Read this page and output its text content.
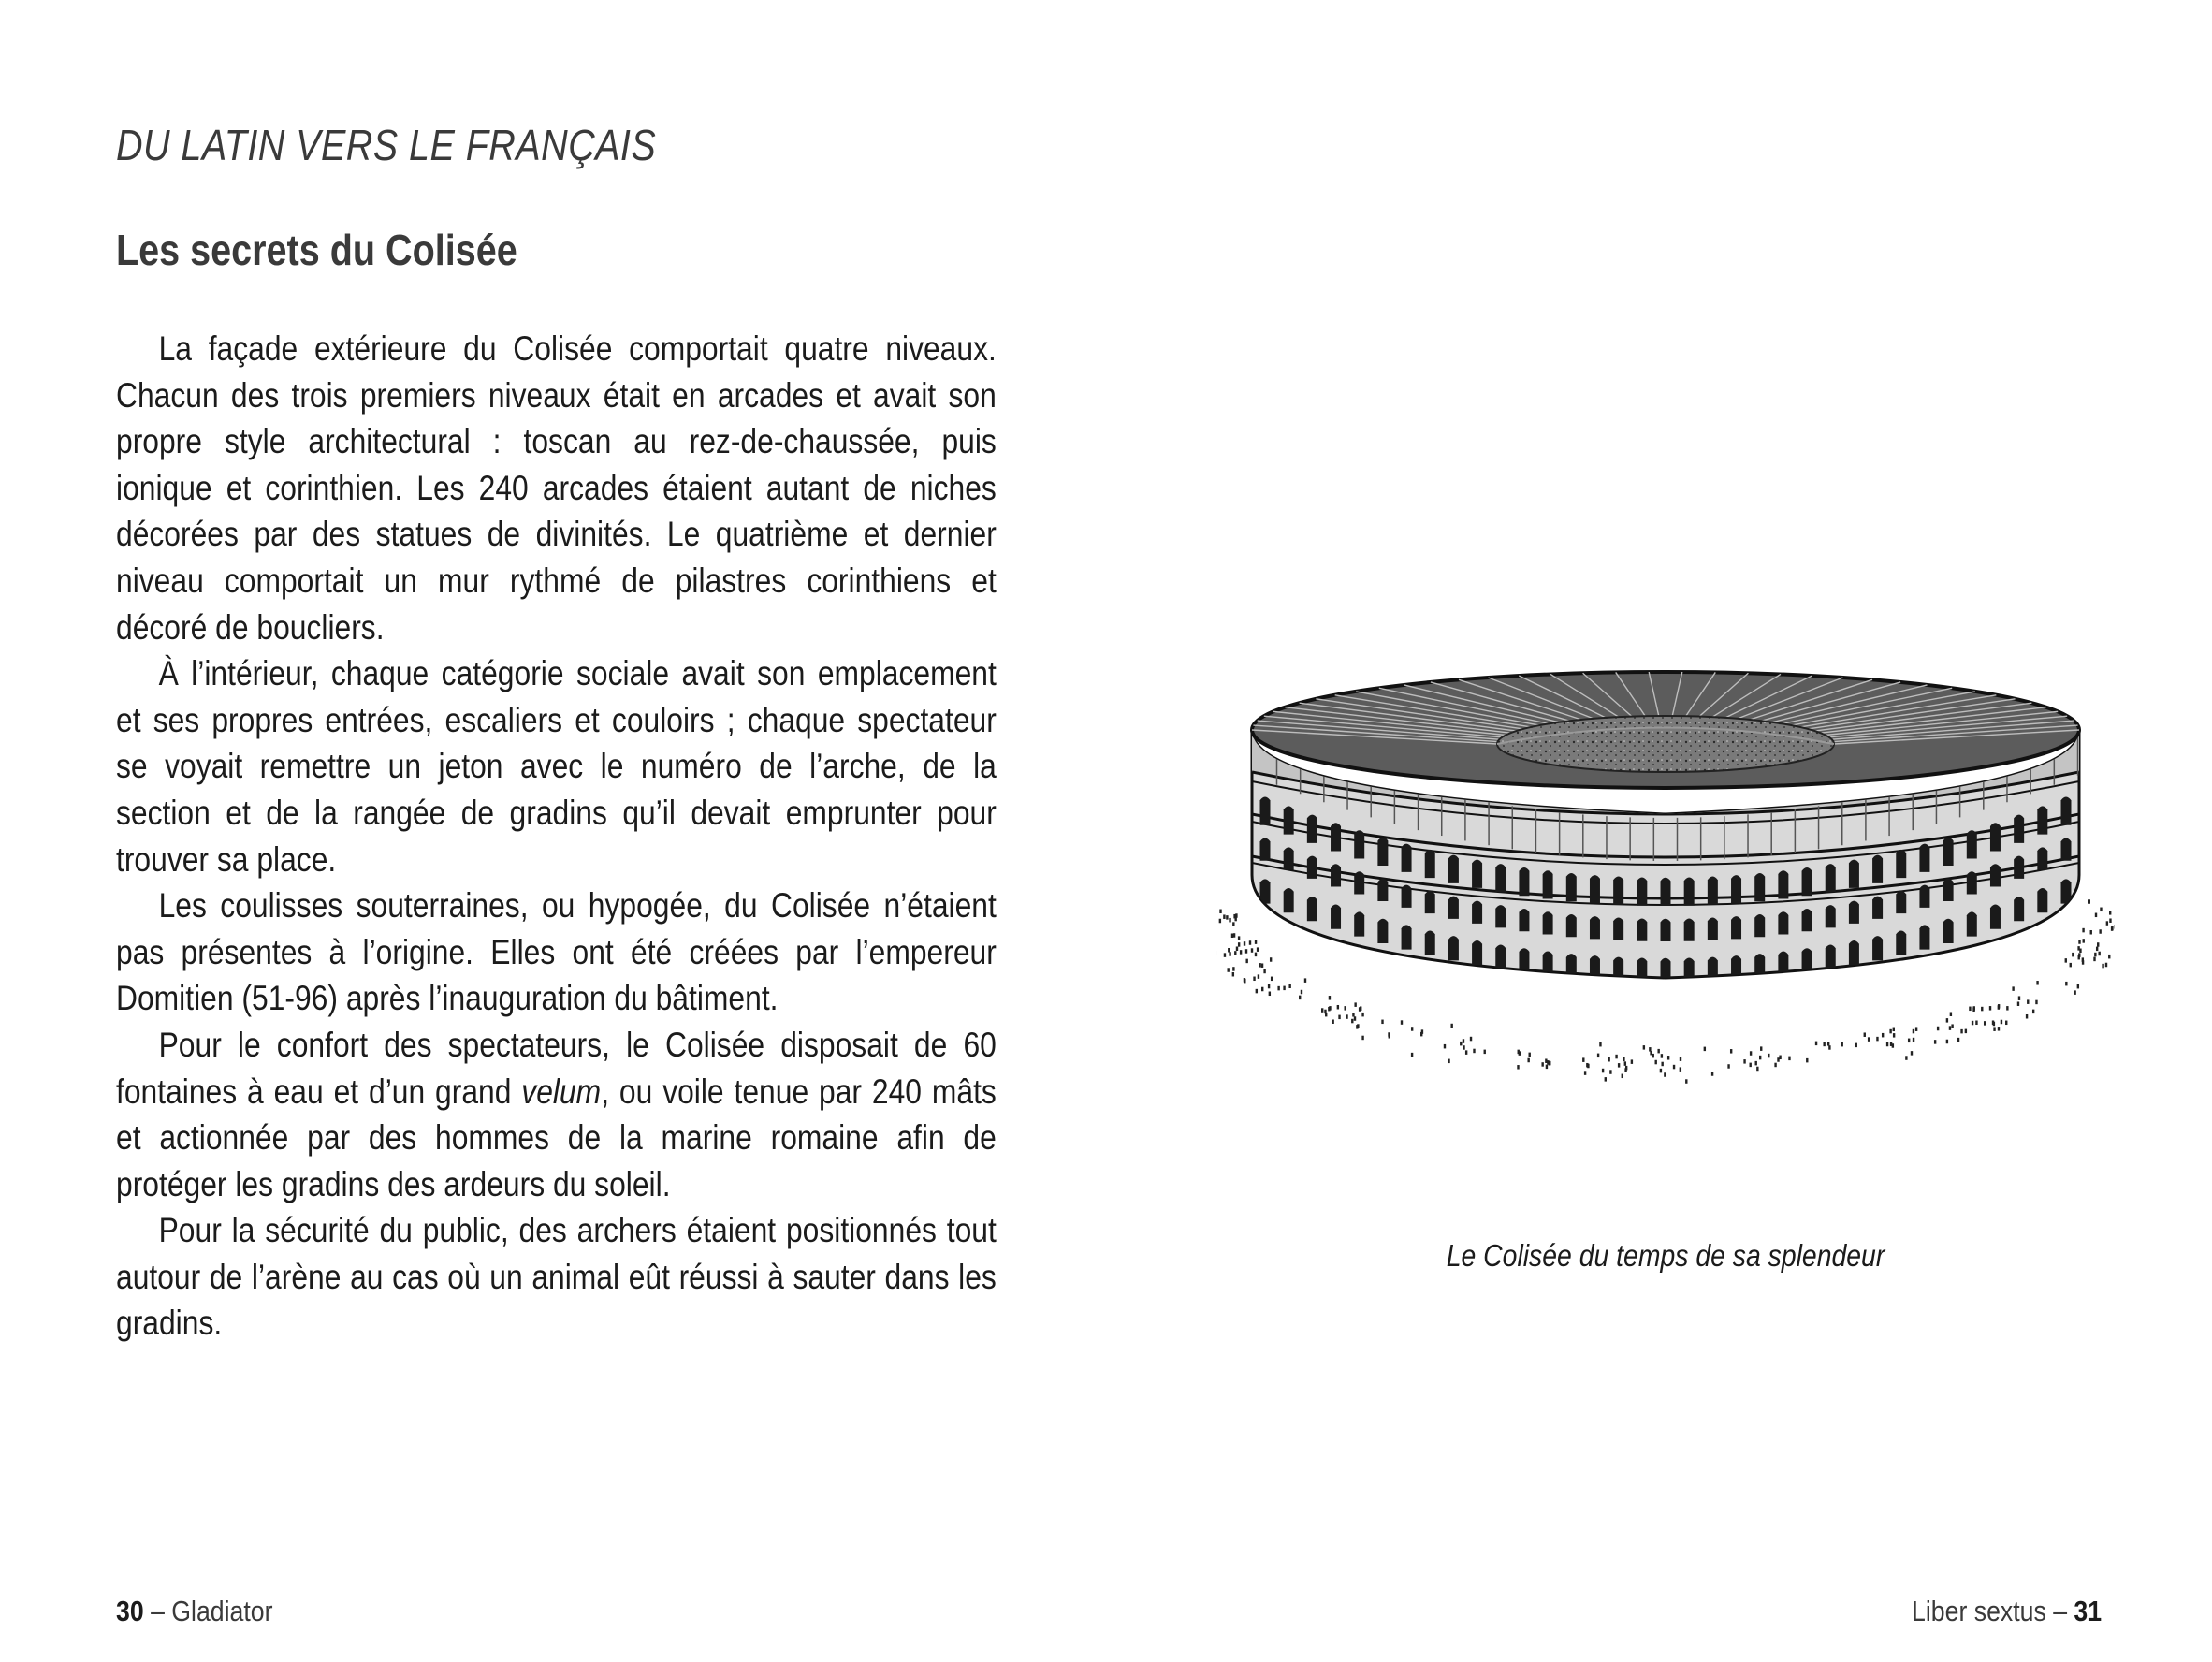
DU LATIN VERS LE FRANÇAIS
Les secrets du Colisée

La façade extérieure du Colisée comportait quatre niveaux. Chacun des trois premiers niveaux était en arcades et avait son propre style architectural : toscan au rez-de-chaussée, puis ionique et corinthien. Les 240 arcades étaient autant de niches décorées par des statues de divinités. Le quatrième et dernier niveau comportait un mur rythmé de pilastres corinthiens et décoré de boucliers.

À l’intérieur, chaque catégorie sociale avait son emplacement et ses propres entrées, escaliers et couloirs ; chaque spectateur se voyait remettre un jeton avec le numéro de l’arche, de la section et de la rangée de gradins qu’il devait emprunter pour trouver sa place.

Les coulisses souterraines, ou hypogée, du Colisée n’étaient pas présentes à l’origine. Elles ont été créées par l’empereur Domitien (51-96) après l’inauguration du bâtiment.

Pour le confort des spectateurs, le Colisée disposait de 60 fontaines à eau et d’un grand velum, ou voile tenue par 240 mâts et actionnée par des hommes de la marine romaine afin de protéger les gradins des ardeurs du soleil.

Pour la sécurité du public, des archers étaient positionnés tout autour de l’arène au cas où un animal eût réussi à sauter dans les gradins.

Le Colisée du temps de sa splendeur

30 – Gladiator	Liber sextus – 31
